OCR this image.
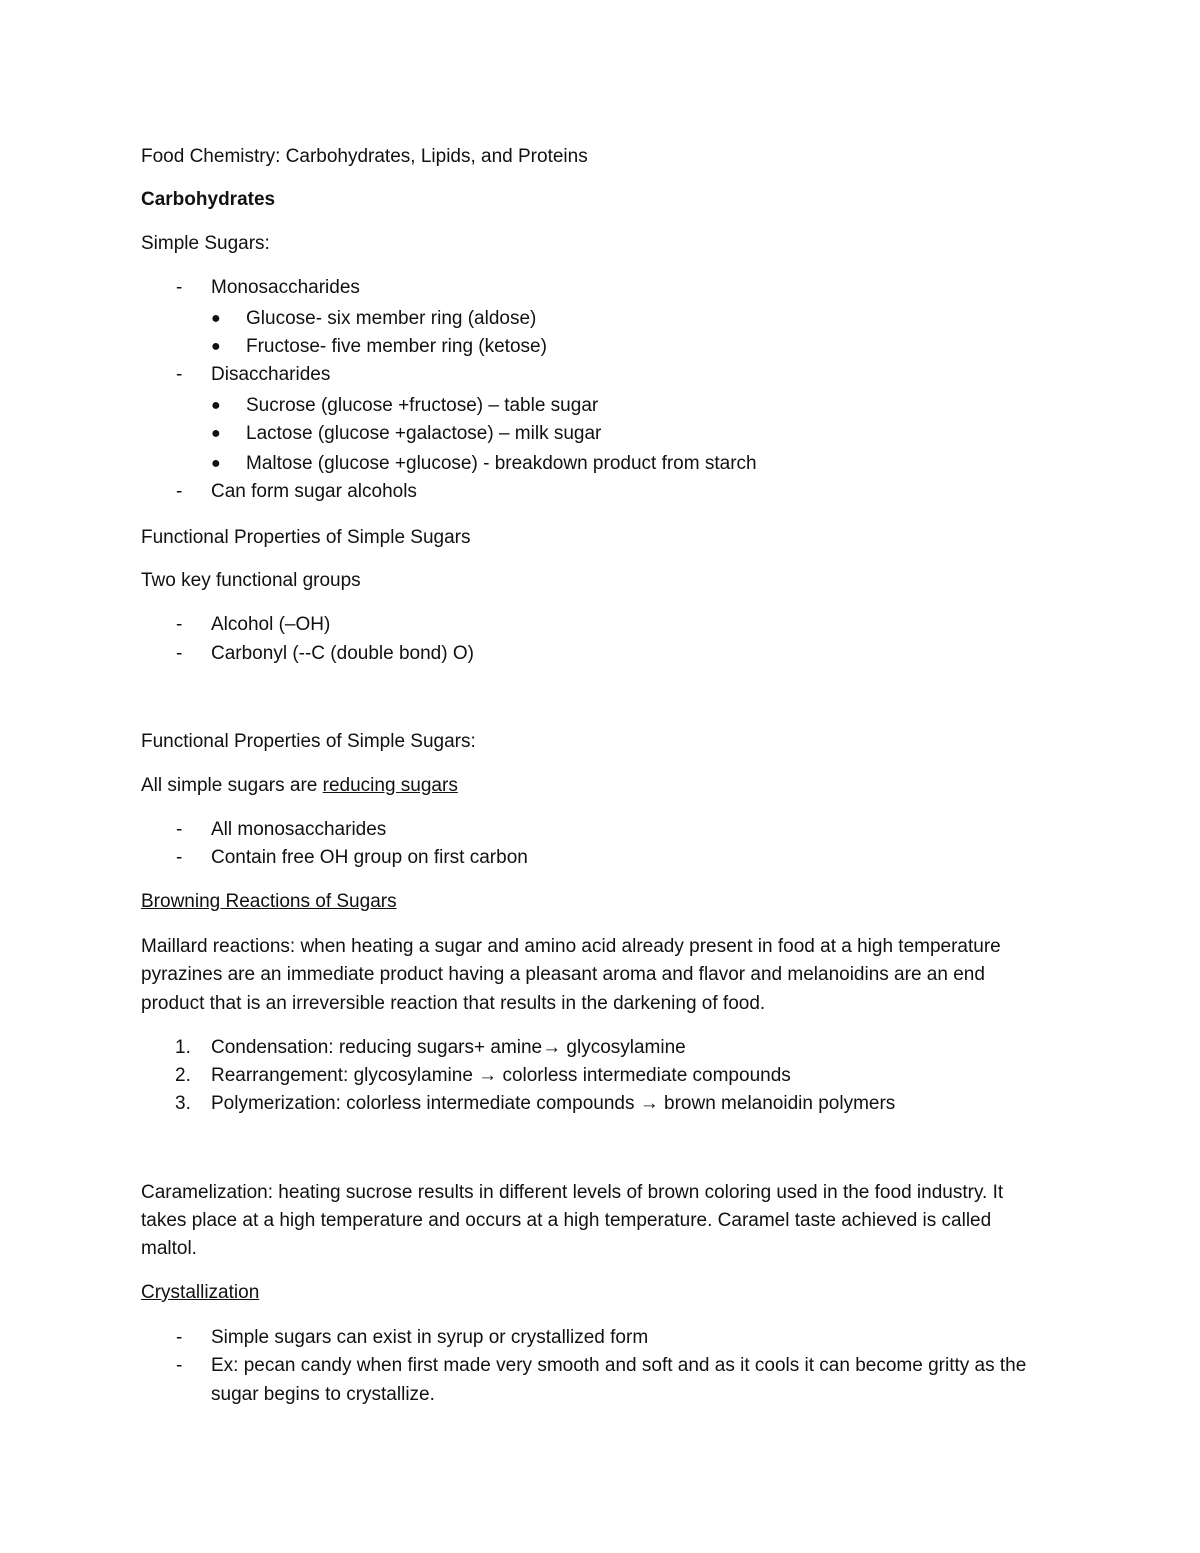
Food Chemistry: Carbohydrates, Lipids, and Proteins
Carbohydrates
Simple Sugars:
- Monosaccharides
● Glucose- six member ring (aldose)
● Fructose- five member ring (ketose)
- Disaccharides
● Sucrose (glucose +fructose) – table sugar
● Lactose (glucose +galactose) – milk sugar
● Maltose (glucose +glucose) - breakdown product from starch
- Can form sugar alcohols
Functional Properties of Simple Sugars
Two key functional groups
- Alcohol (–OH)
- Carbonyl (--C (double bond) O)
Functional Properties of Simple Sugars:
All simple sugars are reducing sugars
- All monosaccharides
- Contain free OH group on first carbon
Browning Reactions of Sugars
Maillard reactions: when heating a sugar and amino acid already present in food at a high temperature
pyrazines are an immediate product having a pleasant aroma and flavor and melanoidins are an end
product that is an irreversible reaction that results in the darkening of food.
1. Condensation: reducing sugars+ amine→ glycosylamine
2. Rearrangement: glycosylamine → colorless intermediate compounds
3. Polymerization: colorless intermediate compounds → brown melanoidin polymers
Caramelization: heating sucrose results in different levels of brown coloring used in the food industry. It
takes place at a high temperature and occurs at a high temperature. Caramel taste achieved is called
maltol.
Crystallization
- Simple sugars can exist in syrup or crystallized form
- Ex: pecan candy when first made very smooth and soft and as it cools it can become gritty as the
sugar begins to crystallize.
